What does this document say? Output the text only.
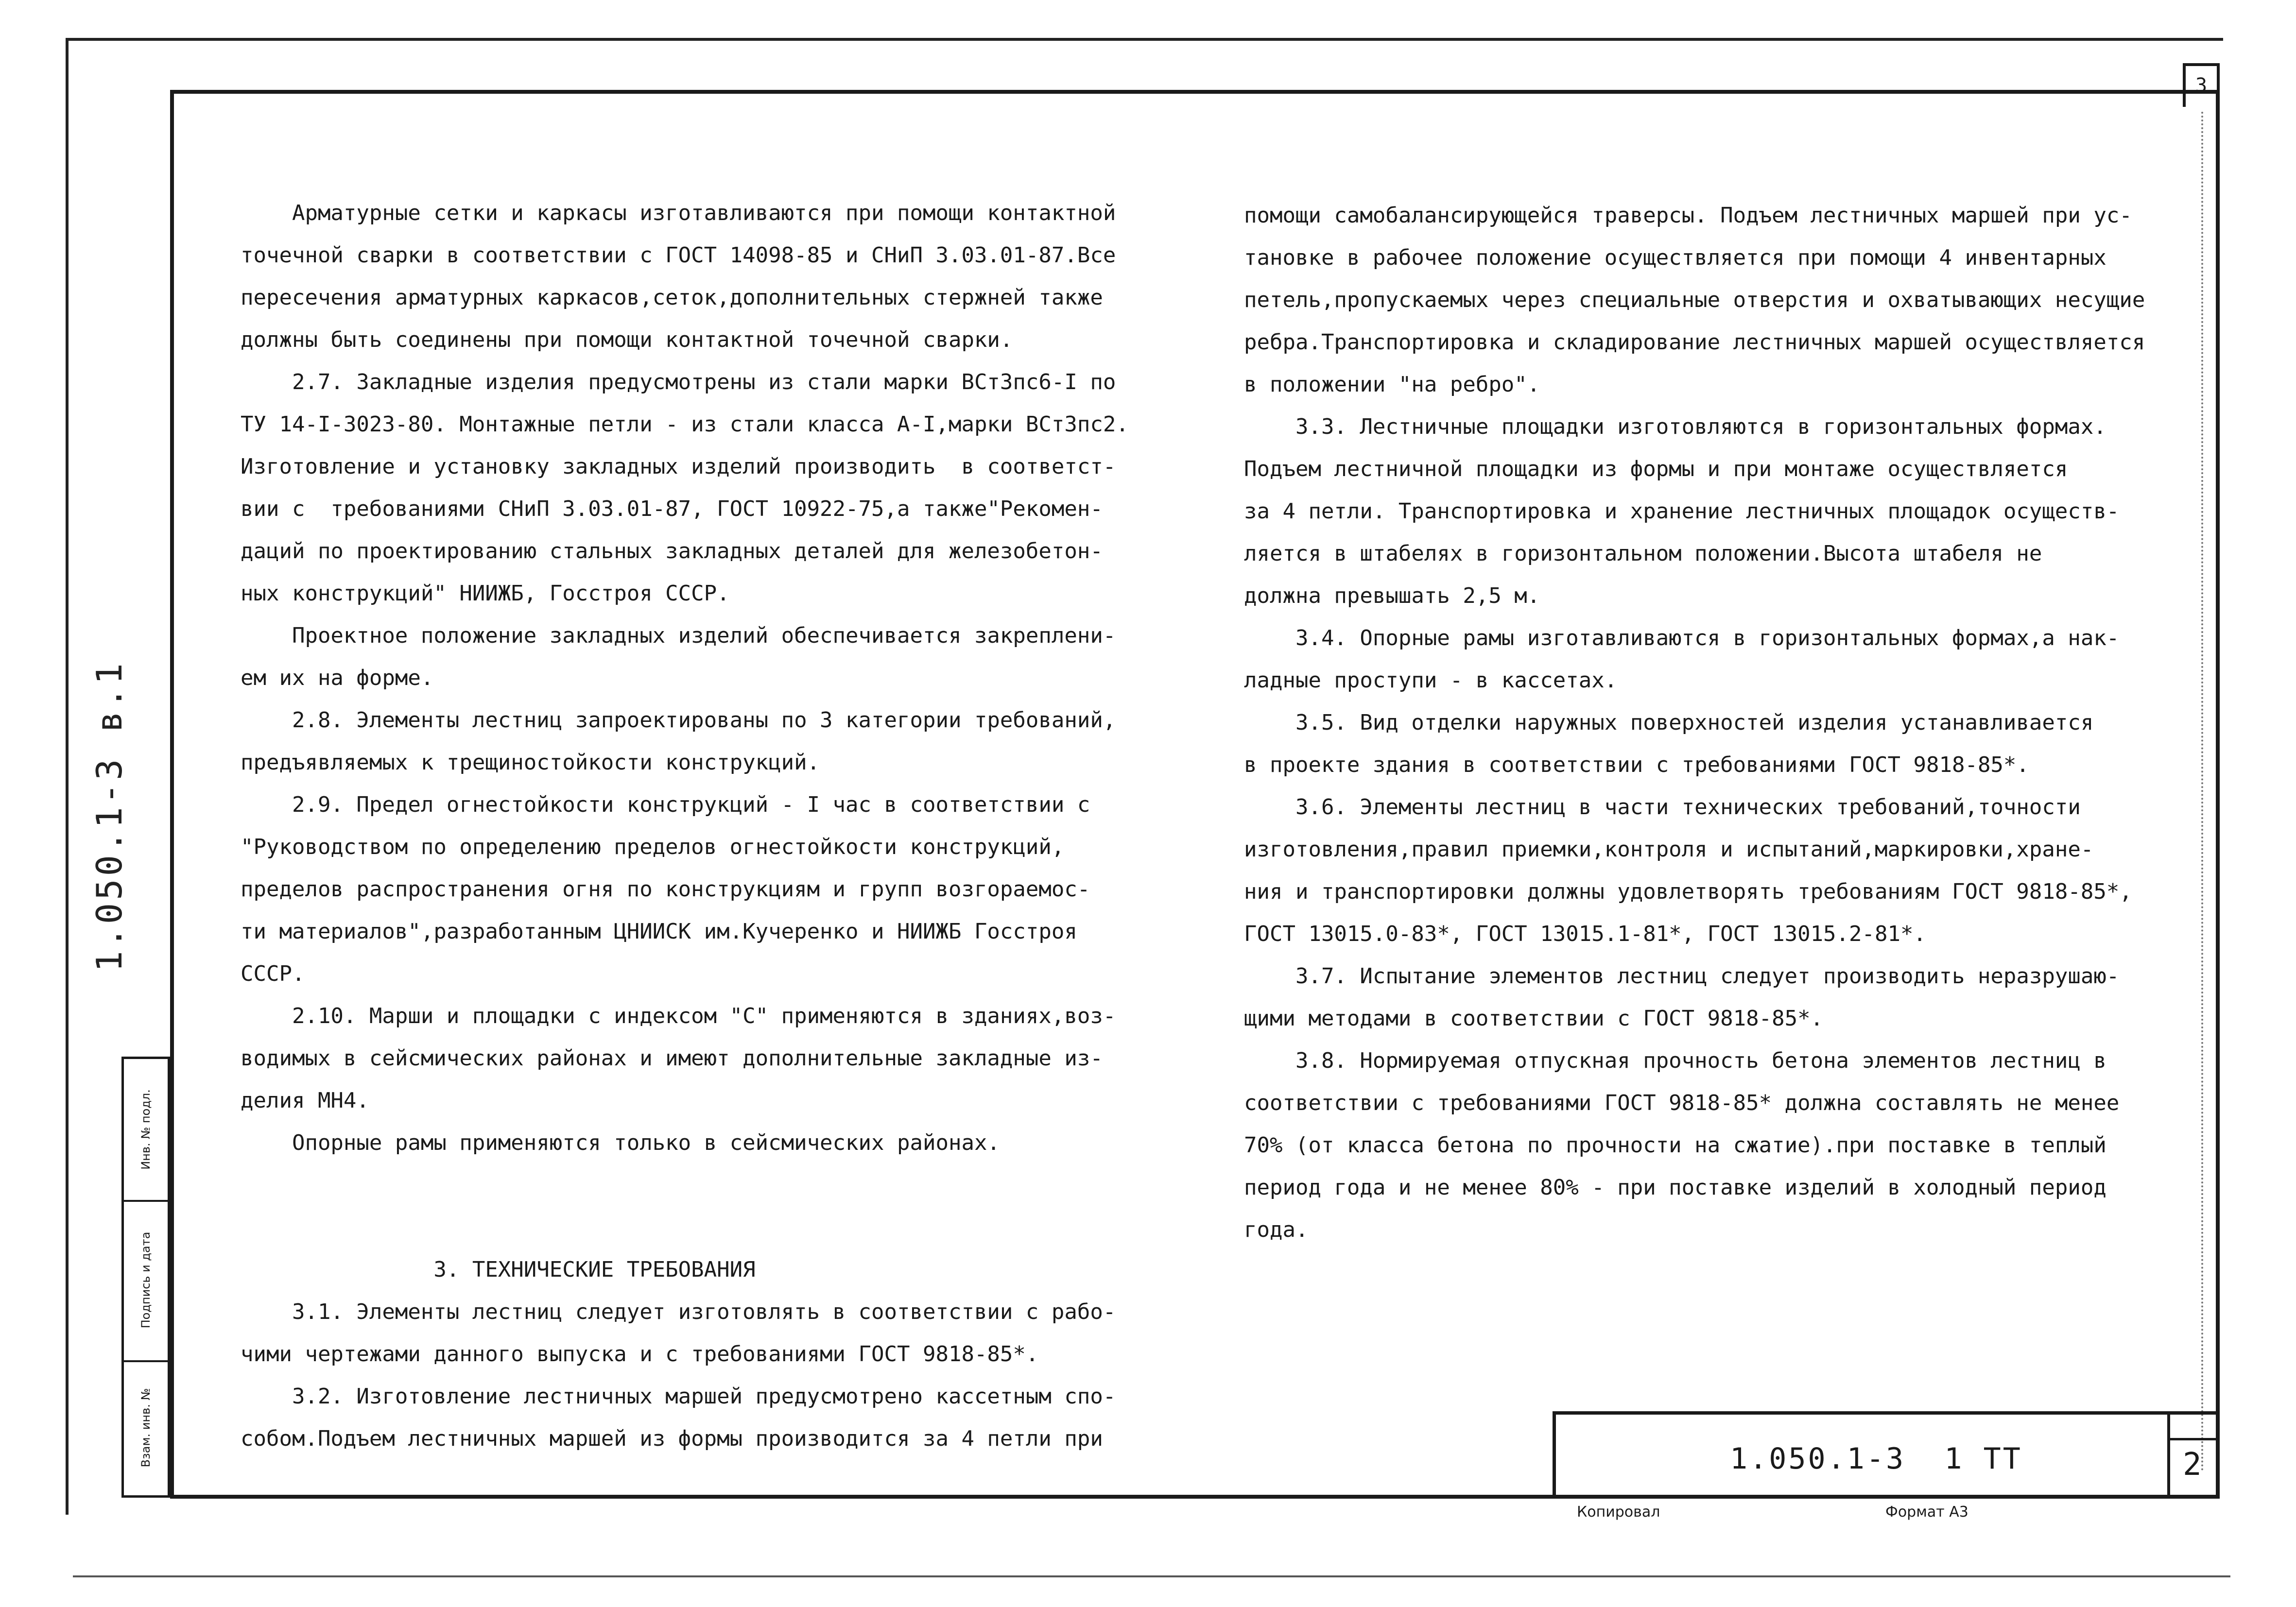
3
1.050.1-3 в.1
Инв. № подл.
Подпись и дата
Взам. инв. №

Арматурные сетки и каркасы изготавливаются при помощи контактной

точечной сварки в соответствии с ГОСТ 14098-85 и СНиП 3.03.01-87.Все

пересечения арматурных каркасов,сеток,дополнительных стержней также

должны быть соединены при помощи контактной точечной сварки.

2.7. Закладные изделия предусмотрены из стали марки ВСт3пс6-I по

ТУ 14-I-3023-80. Монтажные петли - из стали класса А-I,марки ВСт3пс2.

Изготовление и установку закладных изделий производить  в соответст-

вии с  требованиями СНиП 3.03.01-87, ГОСТ 10922-75,а также"Рекомен-

даций по проектированию стальных закладных деталей для железобетон-

ных конструкций" НИИЖБ, Госстроя СССР.

Проектное положение закладных изделий обеспечивается закреплени-

ем их на форме.

2.8. Элементы лестниц запроектированы по 3 категории требований,

предъявляемых к трещиностойкости конструкций.

2.9. Предел огнестойкости конструкций - I час в соответствии с

"Руководством по определению пределов огнестойкости конструкций,

пределов распространения огня по конструкциям и групп возгораемос-

ти материалов",разработанным ЦНИИСК им.Кучеренко и НИИЖБ Госстроя

СССР.

2.10. Марши и площадки с индексом "С" применяются в зданиях,воз-

водимых в сейсмических районах и имеют дополнительные закладные из-

делия МН4.

Опорные рамы применяются только в сейсмических районах.

3. ТЕХНИЧЕСКИЕ ТРЕБОВАНИЯ

3.1. Элементы лестниц следует изготовлять в соответствии с рабо-

чими чертежами данного выпуска и с требованиями ГОСТ 9818-85*.

3.2. Изготовление лестничных маршей предусмотрено кассетным спо-

собом.Подъем лестничных маршей из формы производится за 4 петли при

помощи самобалансирующейся траверсы. Подъем лестничных маршей при ус-

тановке в рабочее положение осуществляется при помощи 4 инвентарных

петель,пропускаемых через специальные отверстия и охватывающих несущие

ребра.Транспортировка и складирование лестничных маршей осуществляется

в положении "на ребро".

3.3. Лестничные площадки изготовляются в горизонтальных формах.

Подъем лестничной площадки из формы и при монтаже осуществляется

за 4 петли. Транспортировка и хранение лестничных площадок осуществ-

ляется в штабелях в горизонтальном положении.Высота штабеля не

должна превышать 2,5 м.

3.4. Опорные рамы изготавливаются в горизонтальных формах,а нак-

ладные проступи - в кассетах.

3.5. Вид отделки наружных поверхностей изделия устанавливается

в проекте здания в соответствии с требованиями ГОСТ 9818-85*.

3.6. Элементы лестниц в части технических требований,точности

изготовления,правил приемки,контроля и испытаний,маркировки,хране-

ния и транспортировки должны удовлетворять требованиям ГОСТ 9818-85*,

ГОСТ 13015.0-83*, ГОСТ 13015.1-81*, ГОСТ 13015.2-81*.

3.7. Испытание элементов лестниц следует производить неразрушаю-

щими методами в соответствии с ГОСТ 9818-85*.

3.8. Нормируемая отпускная прочность бетона элементов лестниц в

соответствии с требованиями ГОСТ 9818-85* должна составлять не менее

70% (от класса бетона по прочности на сжатие).при поставке в теплый

период года и не менее 80% - при поставке изделий в холодный период

года.

1.050.1-3  1 ТТ	2
Копировал	Формат А3
